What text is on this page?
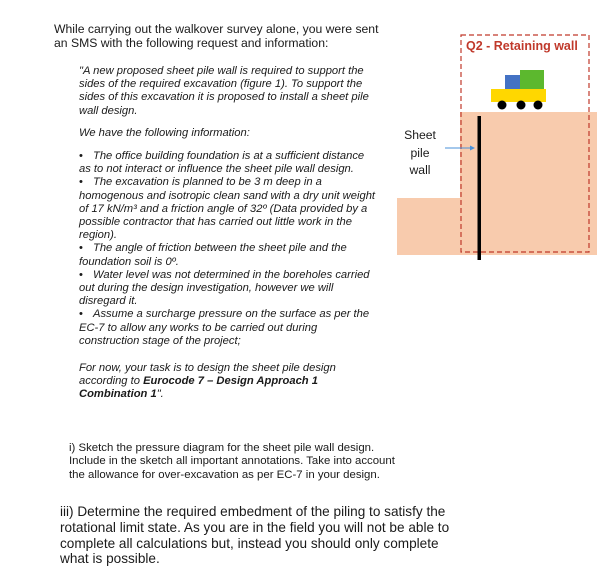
While carrying out the walkover survey alone, you were sent an SMS with the following request and information:

"A new proposed sheet pile wall is required to support the sides of the required excavation (figure 1). To support the sides of this excavation it is proposed to install a sheet pile wall design.

We have the following information:

• The office building foundation is at a sufficient distance as to not interact or influence the sheet pile wall design.
• The excavation is planned to be 3 m deep in a homogenous and isotropic clean sand with a dry unit weight of 17 kN/m³ and a friction angle of 32º (Data provided by a possible contractor that has carried out little work in the region).
• The angle of friction between the sheet pile and the foundation soil is 0º.
• Water level was not determined in the boreholes carried out during the design investigation, however we will disregard it.
• Assume a surcharge pressure on the surface as per the EC-7 to allow any works to be carried out during construction stage of the project;

For now, your task is to design the sheet pile design according to Eurocode 7 – Design Approach 1 Combination 1".

i) Sketch the pressure diagram for the sheet pile wall design. Include in the sketch all important annotations. Take into account the allowance for over-excavation as per EC-7 in your design.
iii) Determine the required embedment of the piling to satisfy the rotational limit state. As you are in the field you will not be able to complete all calculations but, instead you should only complete what is possible.
Q2 - Retaining wall
Sheet
pile
wall
